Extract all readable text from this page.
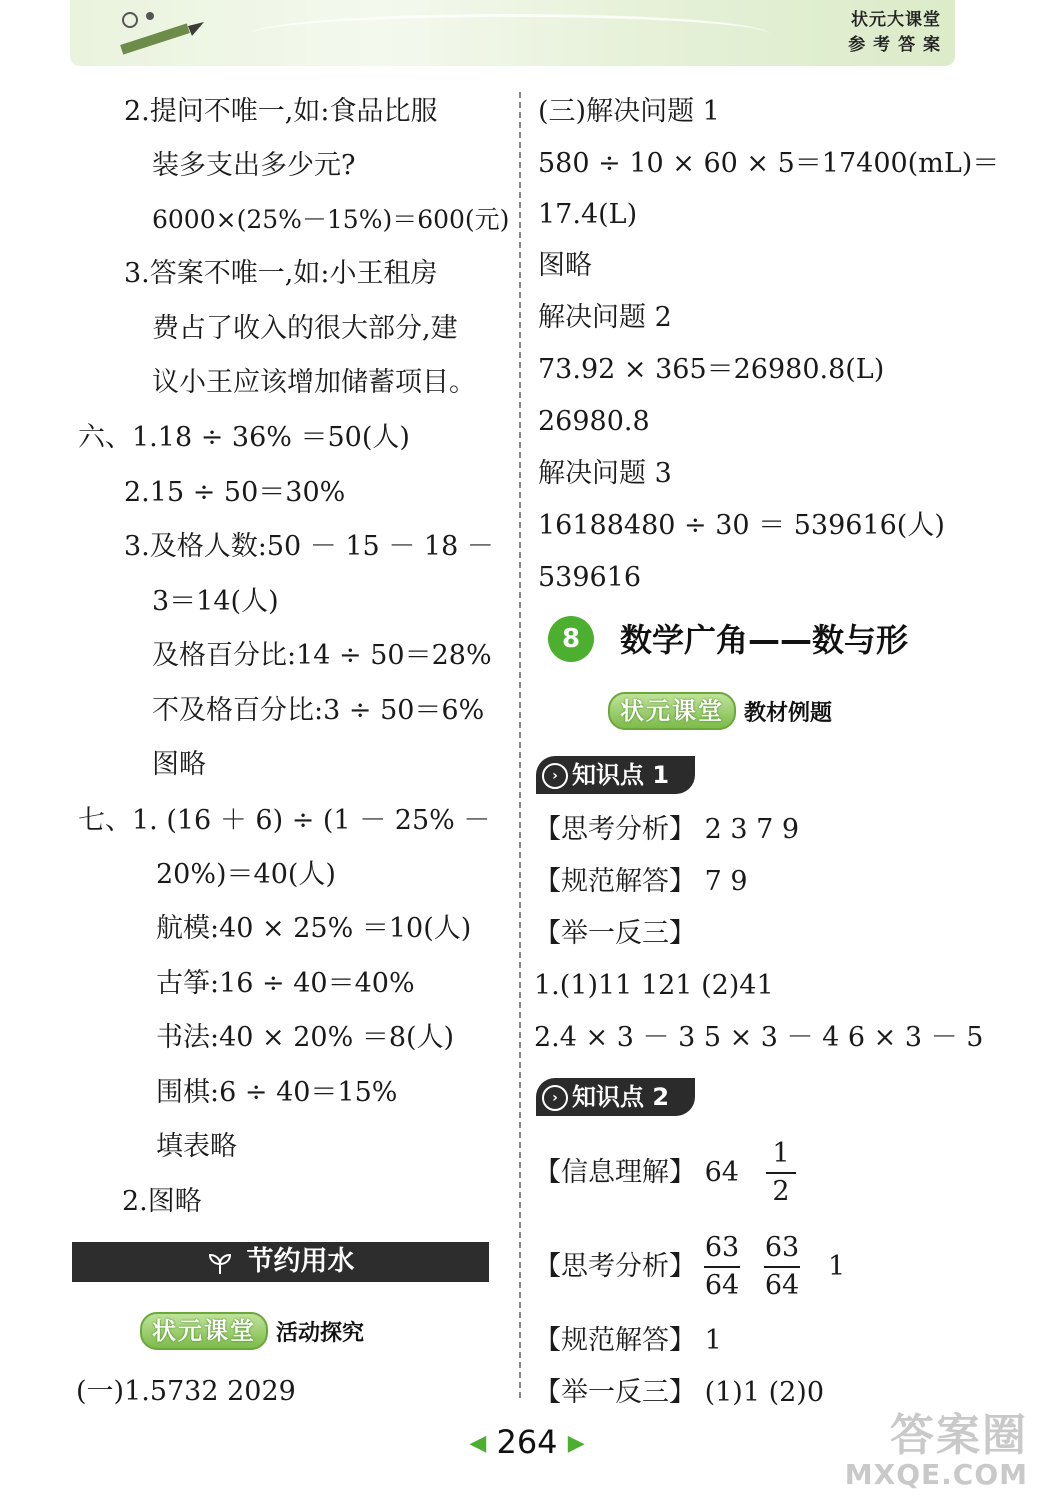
状元大课堂
参 考 答 案
2.提问不唯一,如:食品比服
装多支出多少元?
6000×(25%－15%)＝600(元)
3.答案不唯一,如:小王租房
费占了收入的很大部分,建
议小王应该增加储蓄项目。
六、1.18 ÷ 36% ＝50(人)
2.15 ÷ 50＝30%
3.及格人数:50 － 15 － 18 －
3＝14(人)
及格百分比:14 ÷ 50＝28%
不及格百分比:3 ÷ 50＝6%
图略
七、1. (16 ＋ 6) ÷ (1 － 25% －
20%)＝40(人)
航模:40 × 25% ＝10(人)
古筝:16 ÷ 40＝40%
书法:40 × 20% ＝8(人)
围棋:6 ÷ 40＝15%
填表略
2.图略
节约用水
状元课堂 活动探究
(一)1.5732 2029
(三)解决问题 1
580 ÷ 10 × 60 × 5＝17400(mL)＝
17.4(L)
图略
解决问题 2
73.92 × 365＝26980.8(L)
26980.8
解决问题 3
16188480 ÷ 30 ＝ 539616(人)
539616
8	数学广角——数与形
状元课堂 教材例题
› 知识点 1
【思考分析】 2 3 7 9
【规范解答】 7 9
【举一反三】
1.(1)11 121 (2)41
2.4 × 3 － 3 5 × 3 － 4 6 × 3 － 5
› 知识点 2
【信息理解】 64
1
2
【思考分析】
63
64
63
64
1
【规范解答】 1
【举一反三】 (1)1 (2)0
◀ 264 ▶	答案圈
MXQE.COM
